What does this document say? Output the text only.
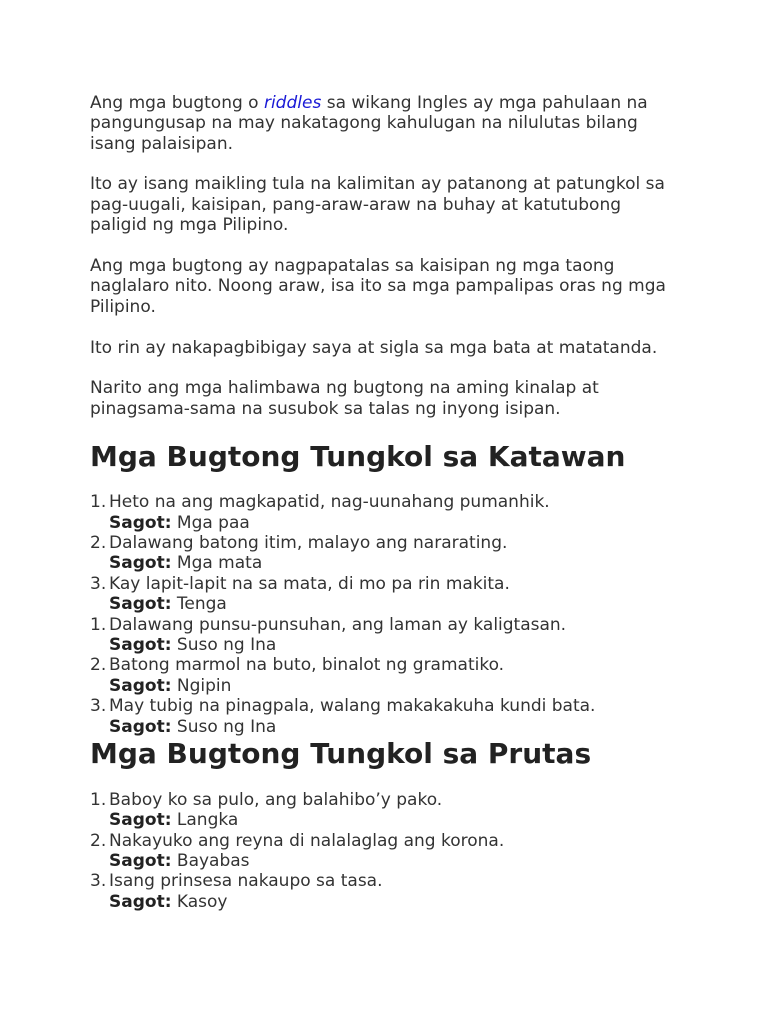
Ang mga bugtong o riddles sa wikang Ingles ay mga pahulaan na pangungusap na may nakatagong kahulugan na nilulutas bilang isang palaisipan.

Ito ay isang maikling tula na kalimitan ay patanong at patungkol sa pag-uugali, kaisipan, pang-araw-araw na buhay at katutubong paligid ng mga Pilipino.

Ang mga bugtong ay nagpapatalas sa kaisipan ng mga taong naglalaro nito. Noong araw, isa ito sa mga pampalipas oras ng mga Pilipino.

Ito rin ay nakapagbibigay saya at sigla sa mga bata at matatanda.

Narito ang mga halimbawa ng bugtong na aming kinalap at pinagsama-sama na susubok sa talas ng inyong isipan.

Mga Bugtong Tungkol sa Katawan
1. Heto na ang magkapatid, nag-uunahang pumanhik.
Sagot: Mga paa
2. Dalawang batong itim, malayo ang nararating.
Sagot: Mga mata
3. Kay lapit-lapit na sa mata, di mo pa rin makita.
Sagot: Tenga
1. Dalawang punsu-punsuhan, ang laman ay kaligtasan.
Sagot: Suso ng Ina
2. Batong marmol na buto, binalot ng gramatiko.
Sagot: Ngipin
3. May tubig na pinagpala, walang makakakuha kundi bata.
Sagot: Suso ng Ina
Mga Bugtong Tungkol sa Prutas
1. Baboy ko sa pulo, ang balahibo’y pako.
Sagot: Langka
2. Nakayuko ang reyna di nalalaglag ang korona.
Sagot: Bayabas
3. Isang prinsesa nakaupo sa tasa.
Sagot: Kasoy
